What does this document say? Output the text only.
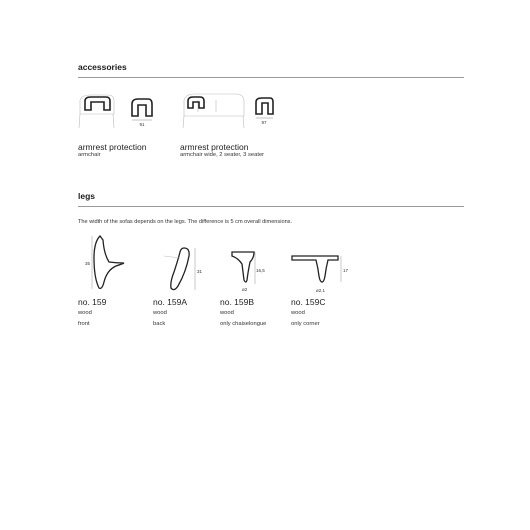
accessories
91	97
armrest protection
armchair
armrest protection
armchair wide, 2 seater, 3 seater
legs
The width of the sofas depends on the legs. The difference is 5 cm overall dimensions.
35
31	16,5
ø2
17
ø2,1
no. 159
wood
front
no. 159A
wood
back
no. 159B
wood
only chaiselongue
no. 159C
wood
only corner
